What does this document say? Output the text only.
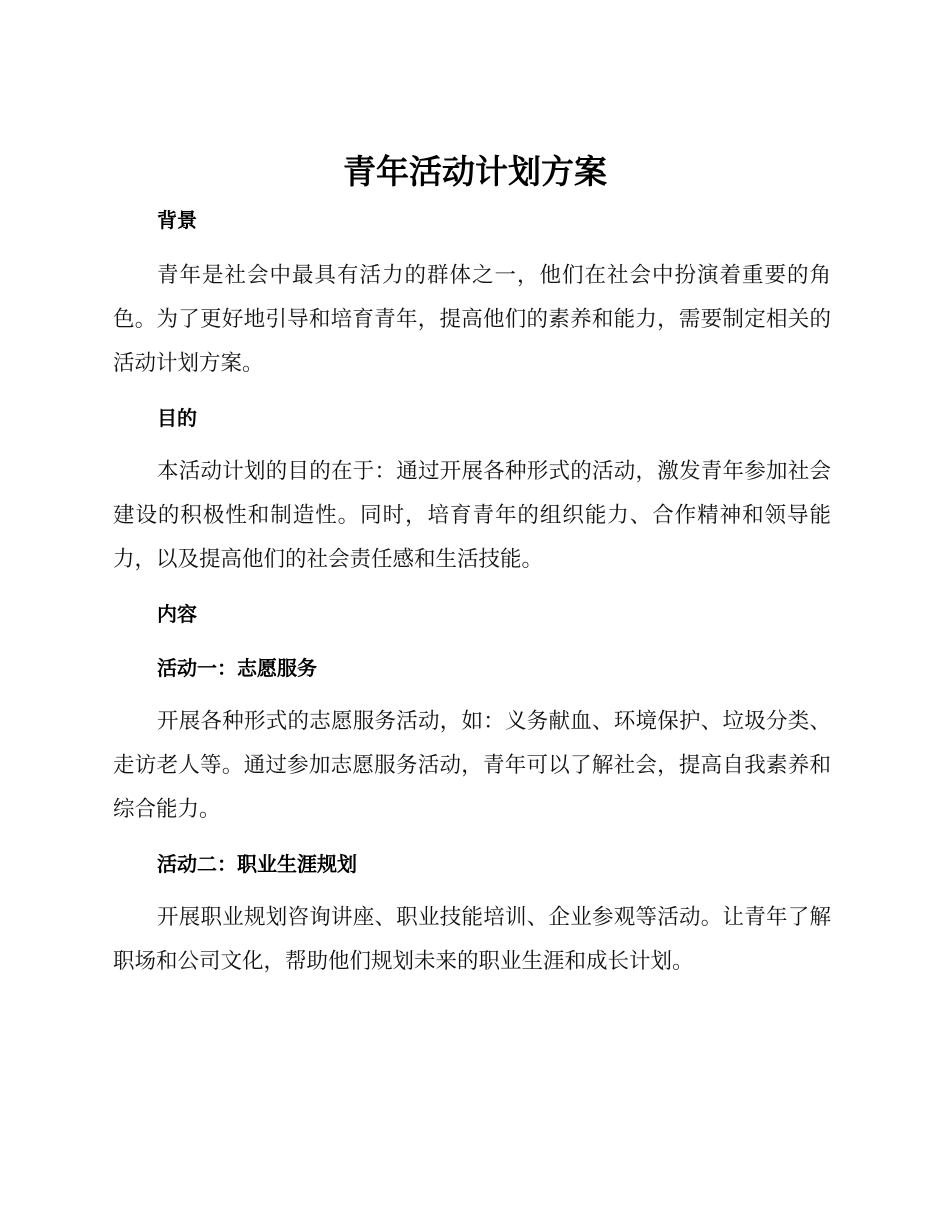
青年活动计划方案
背景

青年是社会中最具有活力的群体之一，他们在社会中扮演着重要的角色。为了更好地引导和培育青年，提高他们的素养和能力，需要制定相关的活动计划方案。

目的

本活动计划的目的在于：通过开展各种形式的活动，激发青年参加社会建设的积极性和制造性。同时，培育青年的组织能力、合作精神和领导能力，以及提高他们的社会责任感和生活技能。

内容
活动一：志愿服务

开展各种形式的志愿服务活动，如：义务献血、环境保护、垃圾分类、走访老人等。通过参加志愿服务活动，青年可以了解社会，提高自我素养和综合能力。

活动二：职业生涯规划

开展职业规划咨询讲座、职业技能培训、企业参观等活动。让青年了解职场和公司文化，帮助他们规划未来的职业生涯和成长计划。
